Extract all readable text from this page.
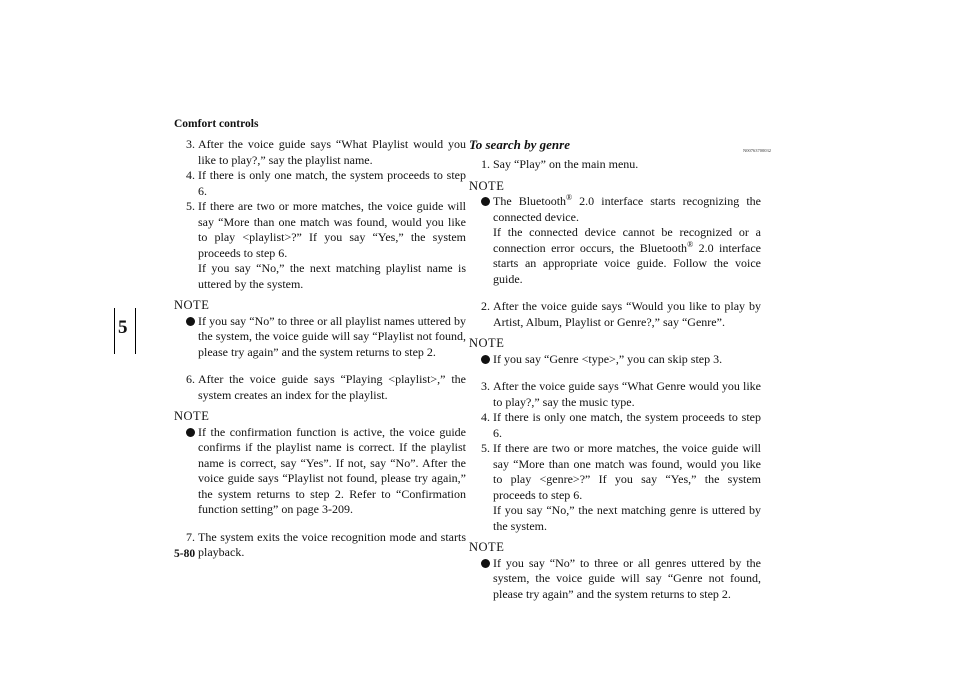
Comfort controls
5
3. After the voice guide says “What Playlist would you like to play?,” say the playlist name.
4. If there is only one match, the system proceeds to step 6.
5. If there are two or more matches, the voice guide will say “More than one match was found, would you like to play <playlist>?” If you say “Yes,” the system proceeds to step 6.
If you say “No,” the next matching playlist name is uttered by the system.
NOTE
If you say “No” to three or all playlist names uttered by the system, the voice guide will say “Playlist not found, please try again” and the system returns to step 2.
6. After the voice guide says “Playing <playlist>,” the system creates an index for the playlist.
NOTE
If the confirmation function is active, the voice guide confirms if the playlist name is correct. If the playlist name is correct, say “Yes”. If not, say “No”. After the voice guide says “Playlist not found, please try again,” the system returns to step 2. Refer to “Confirmation function setting” on page 3-209.
7. The system exits the voice recognition mode and starts playback.
To search by genre	N00763700032
1. Say “Play” on the main menu.
NOTE
The Bluetooth® 2.0 interface starts recognizing the connected device.
If the connected device cannot be recognized or a connection error occurs, the Bluetooth® 2.0 interface starts an appropriate voice guide. Follow the voice guide.
2. After the voice guide says “Would you like to play by Artist, Album, Playlist or Genre?,” say “Genre”.
NOTE
If you say “Genre <type>,” you can skip step 3.
3. After the voice guide says “What Genre would you like to play?,” say the music type.
4. If there is only one match, the system proceeds to step 6.
5. If there are two or more matches, the voice guide will say “More than one match was found, would you like to play <genre>?” If you say “Yes,” the system proceeds to step 6.
If you say “No,” the next matching genre is uttered by the system.
NOTE
If you say “No” to three or all genres uttered by the system, the voice guide will say “Genre not found, please try again” and the system returns to step 2.
5-80
